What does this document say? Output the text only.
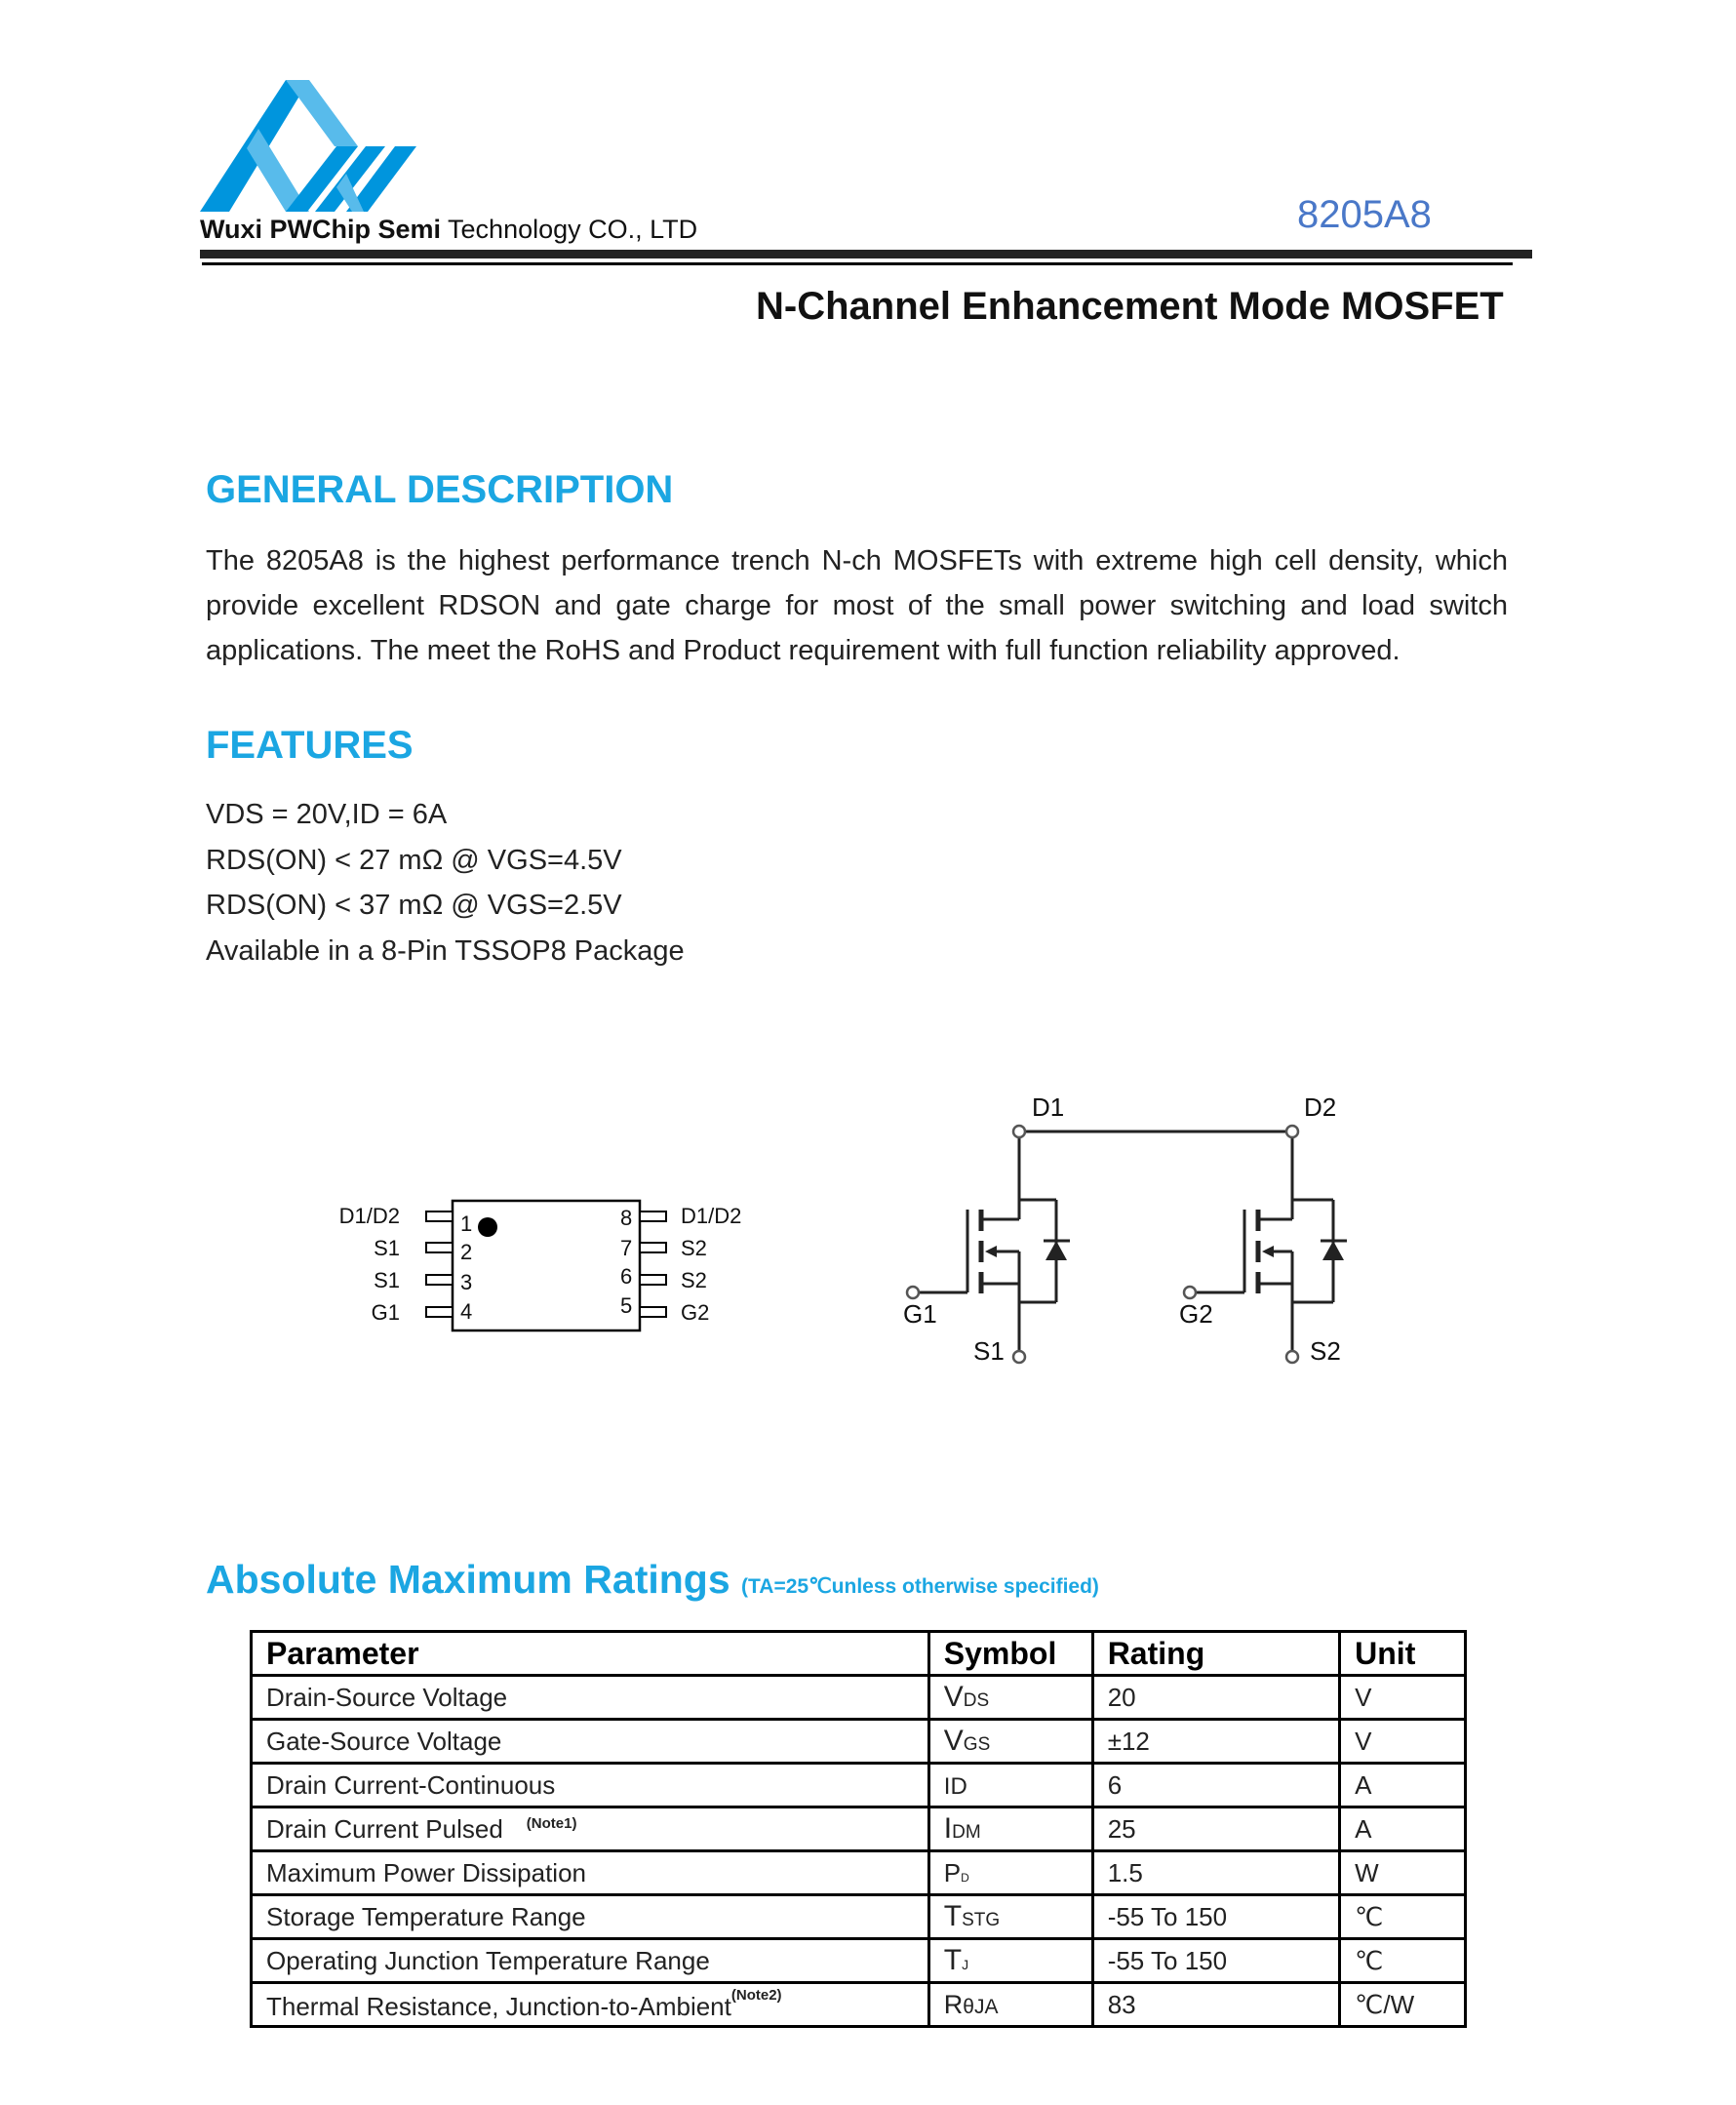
Wuxi PWChip Semi Technology CO., LTD	8205A8
N-Channel Enhancement Mode MOSFET
GENERAL DESCRIPTION
The 8205A8 is the highest performance trench N-ch MOSFETs with extreme high cell density, which provide excellent RDSON and gate charge for most of the small power switching and load switch applications. The meet the RoHS and Product requirement with full function reliability approved.
FEATURES
VDS = 20V,ID = 6A
RDS(ON) < 27 mΩ @ VGS=4.5V
RDS(ON) < 37 mΩ @ VGS=2.5V
Available in a 8-Pin TSSOP8 Package
D1/D2
S1
S1
G1
1
2
3
4
8
7
6
5
D1/D2
S2
S2
G2
D1	D2
G1	G2
S1	S2
Absolute Maximum Ratings (TA=25℃unless otherwise specified)
Parameter	Symbol	Rating	Unit
Drain-Source Voltage	VDS	20	V
Gate-Source Voltage	VGS	±12	V
Drain Current-Continuous	ID	6	A
Drain Current Pulsed $^{(Note1)}$	IDM	25	A
Maximum Power Dissipation	PD	1.5	W
Storage Temperature Range	TSTG	-55 To 150	℃
Operating Junction Temperature Range	TJ	-55 To 150	℃
Thermal Resistance, Junction-to-Ambient$^{(Note2)}$	RθJA	83	℃/W
